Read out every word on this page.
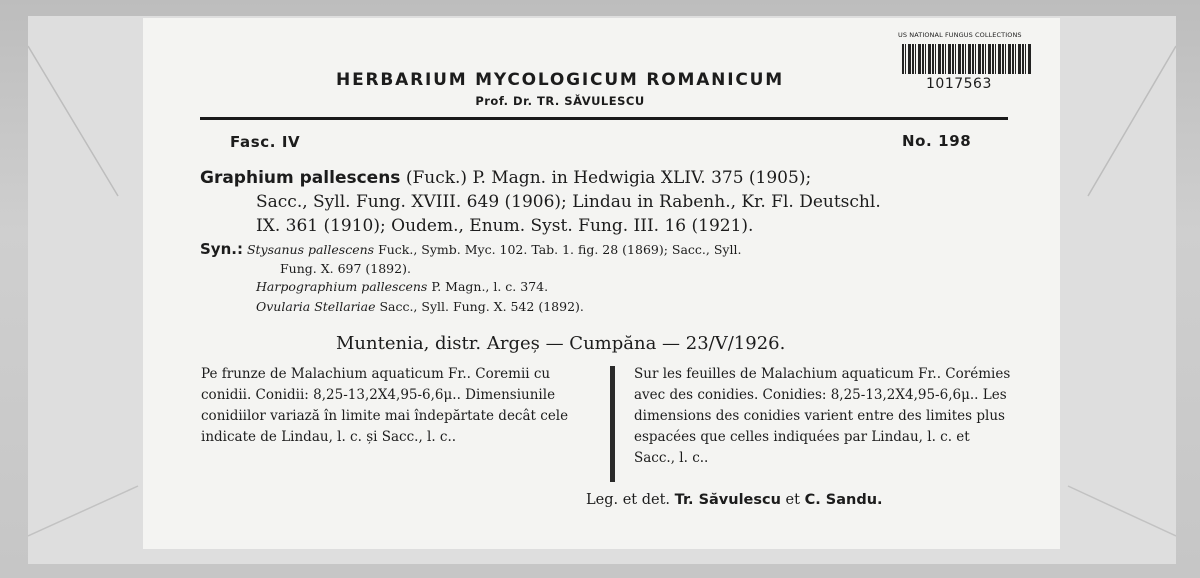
HERBARIUM MYCOLOGICUM ROMANICUM
Prof. Dr. TR. SĂVULESCU
US NATIONAL FUNGUS COLLECTIONS
1017563
Fasc. IV	No. 198
Graphium pallescens (Fuck.) P. Magn. in Hedwigia XLIV. 375 (1905);
Sacc., Syll. Fung. XVIII. 649 (1906); Lindau in Rabenh., Kr. Fl. Deutschl.
IX. 361 (1910); Oudem., Enum. Syst. Fung. III. 16 (1921).
Syn.: Stysanus pallescens Fuck., Symb. Myc. 102. Tab. 1. fig. 28 (1869); Sacc., Syll.
Fung. X. 697 (1892).
Harpographium pallescens P. Magn., l. c. 374.
Ovularia Stellariae Sacc., Syll. Fung. X. 542 (1892).
Muntenia, distr. Argeș — Cumpăna — 23/V/1926.
Pe frunze de Malachium aquaticum Fr.. Coremii cu conidii. Conidii: 8,25-13,2X4,95-6,6μ.. Dimensiunile conidiilor variază în limite mai îndepărtate decât cele indicate de Lindau, l. c. și Sacc., l. c..
Sur les feuilles de Malachium aquaticum Fr.. Corémies avec des conidies. Conidies: 8,25-13,2X4,95-6,6μ.. Les dimensions des conidies varient entre des limites plus espacées que celles indiquées par Lindau, l. c. et Sacc., l. c..
Leg. et det. Tr. Săvulescu et C. Sandu.
